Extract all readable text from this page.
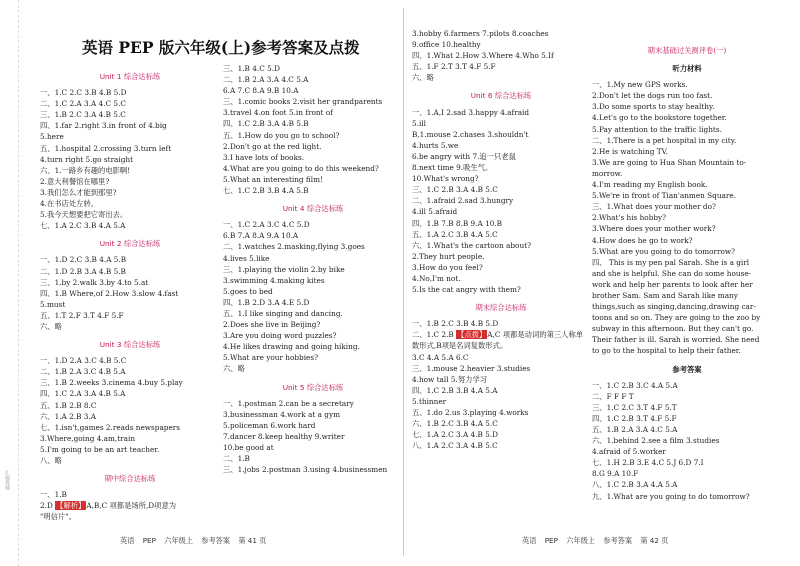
汇编教辅
英语 PEP 版六年级(上)参考答案及点拨
Unit 1 综合达标练
一、1.C 2.C 3.B 4.B 5.D
二、1.C 2.A 3.A 4.C 5.C
三、1.B 2.C 3.A 4.B 5.C
四、1.far 2.right 3.in front of 4.big
5.here
五、1.hospital 2.crossing 3.turn left
4.turn right 5.go straight
六、1.一路乡有趣的电影啊!
2.意大利餐馆在哪里?
3.我们怎么才能到那里?
4.在书店处左转。
5.我今天想要把它寄出去。
七、1.A 2.C 3.B 4.A 5.A
Unit 2 综合达标练
一、1.D 2.C 3.B 4.A 5.B
二、1.D 2.B 3.A 4.B 5.B
三、1.by 2.walk 3.by 4.to 5.at
四、1.B Where,of 2.How 3.slow 4.fast
5.must
五、1.T 2.F 3.T 4.F 5.F
六、略
Unit 3 综合达标练
一、1.D 2.A 3.C 4.B 5.C
二、1.B 2.A 3.C 4.B 5.A
三、1.B 2.weeks 3.cinema 4.buy 5.play
四、1.C 2.A 3.A 4.B 5.A
五、1.B 2.B 8.C
六、1.A 2.B 3.A
七、1.isn't,games 2.reads newspapers
3.Where,going 4.am,train
5.I'm going to be an art teacher.
八、略
期中综合达标练
一、1.B
2.D 【解析】A,B,C 项都是场所,D项意为
"明信片"。
三、1.B 4.C 5.D
二、1.B 2.A 3.A 4.C 5.A
6.A 7.C 8.A 9.B 10.A
三、1.comic books 2.visit her grandparents
3.travel 4.on foot 5.in front of
四、1.C 2.B 3.A 4.B 5.B
五、1.How do you go to school?
2.Don't go at the red light.
3.I have lots of books.
4.What are you going to do this weekend?
5.What an interesting film!
七、1.C 2.B 3.B 4.A 5.B
Unit 4 综合达标练
一、1.C 2.A 3.C 4.C 5.D
6.B 7.A 8.A 9.A 10.A
二、1.watches 2.masking,flying 3.goes
4.lives 5.like
三、1.playing the violin 2.by bike
3.swimming 4.making kites
5.goes to bed
四、1.B 2.D 3.A 4.E 5.D
五、1.I like singing and dancing.
2.Does she live in Beijing?
3.Are you doing word puzzles?
4.He likes drawing and going hiking.
5.What are your hobbies?
六、略
Unit 5 综合达标练
一、1.postman 2.can be a secretary
3.businessman 4.work at a gym
5.policeman 6.work hard
7.dancer 8.keep healthy 9.writer
10.be good at
二、1.B
三、1.jobs 2.postman 3.using 4.businessmen
3.hobby 6.farmers 7.pilots 8.coaches
9.office 10.healthy
四、1.What 2.How 3.Where 4.Who 5.If
五、1.F 2.T 3.T 4.F 5.F
六、略
Unit 6 综合达标练
一、1.A,I 2.sad 3.happy 4.afraid
5.ill
B,1.mouse 2.chases 3.shouldn't
4.hurts 5.we
6.be angry with 7.追一只老鼠
8.next time 9.吸生气。
10.What's wrong?
三、1.C 2.B 3.A 4.B 5.C
二、1.afraid 2.sad 3.hungry
4.ill 5.afraid
四、1.B 7.B 8.B 9.A 10.B
五、1.A 2.C 3.B 4.A 5.C
六、1.What's the cartoon about?
2.They hurt people.
3.How do you feel?
4.No,I'm not.
5.Is the cat angry with them?
期末综合达标练
一、1.B 2.C 3.B 4.B 5.D
二、1.C 2.B 【点拨】A,C 项都是动词的第三人称单
数形式,B项是名词复数形式。
3.C 4.A 5.A 6.C
三、1.mouse 2.heavier 3.studies
4.how tall 5.努力学习
四、1.C 2.B 3.B 4.A 5.A
5.thinner
五、1.do 2.us 3.playing 4.works
六、1.B 2.C 3.B 4.A 5.C
七、1.A 2.C 3.A 4.B 5.D
八、1.A 2.C 3.A 4.B 5.C
期末基础过关测评卷(一)
听力材料
一、1.My new GPS works.
2.Don't let the dogs run too fast.
3.Do some sports to stay healthy.
4.Let's go to the bookstore together.
5.Pay attention to the traffic lights.
二、1.There is a pet hospital in my city.
2.He is watching TV.
3.We are going to Hua Shan Mountain to-
morrow.
4.I'm reading my English book.
5.We're in front of Tian'anmen Square.
三、1.What does your mother do?
2.What's his hobby?
3.Where does your mother work?
4.How does he go to work?
5.What are you going to do tomorrow?
四、 This is my pen pal Sarah. She is a girl
and she is helpful. She can do some house-
work and help her parents to look after her
brother Sam. Sam and Sarah like many
things,such as singing,dancing,drawing car-
toons and so on. They are going to the zoo by
subway in this afternoon. But they can't go.
Their father is ill. Sarah is worried. She need
to go to the hospital to help their father.
参考答案
一、1.C 2.B 3.C 4.A 5.A
二、F F F T
三、1.C 2.C 3.T 4.F 5.T
四、1.C 2.B 3.T 4.F 5.F
五、1.B 2.A 3.A 4.C 5.A
六、1.behind 2.see a film 3.studies
4.afraid of 5.worker
七、1.H 2.B 3.E 4.C 5.J 6.D 7.I
8.G 9.A 10.F
八、1.C 2.B 3.A 4.A 5.A
九、1.What are you going to do tomorrow?
英语 PEP 六年级上 参考答案 第 41 页	英语 PEP 六年级上 参考答案 第 42 页
